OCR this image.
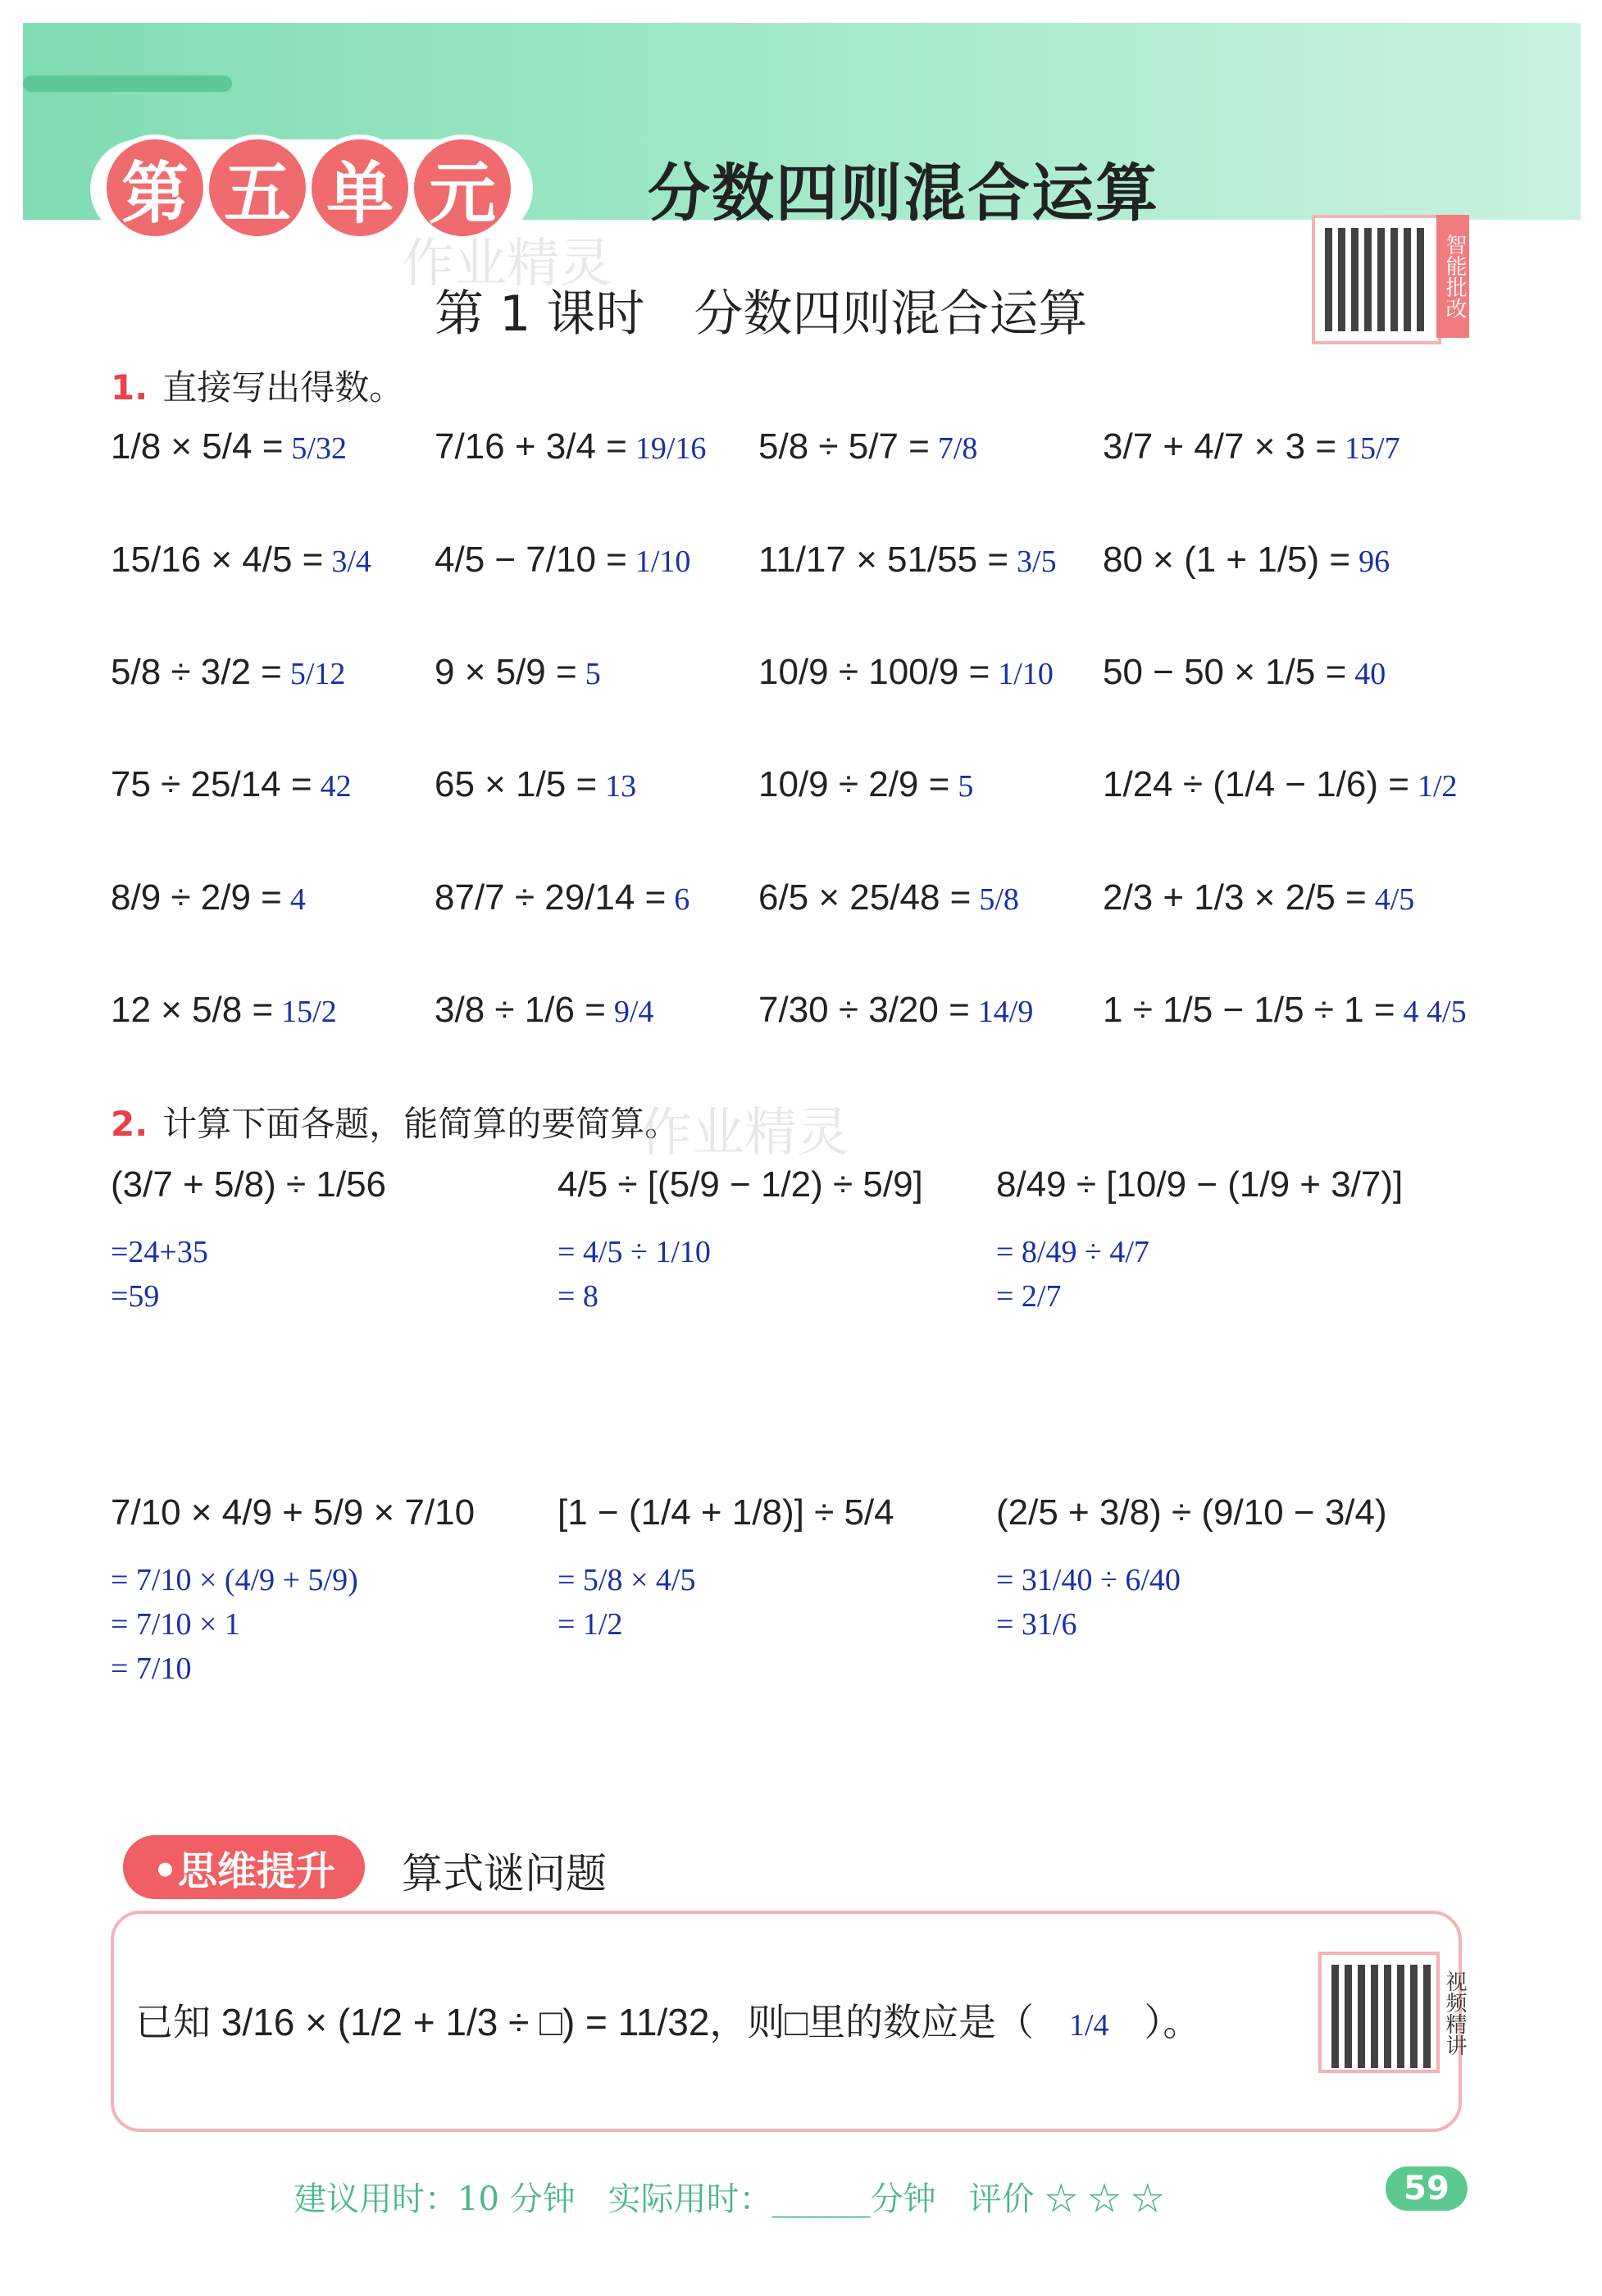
第 五 单 元 分数四则混合运算
作业精灵
第 1 课时　分数四则混合运算	智能批改
1. 直接写出得数。
1/8 × 5/4 = 5/32 7/16 + 3/4 = 19/16 5/8 ÷ 5/7 = 7/8	3/7 + 4/7 × 3 = 15/7
15/16 × 4/5 = 3/4 4/5 − 7/10 = 1/10 11/17 × 51/55 = 3/5 80 × (1 + 1/5) = 96
5/8 ÷ 3/2 = 5/12 9 × 5/9 = 5	10/9 ÷ 100/9 = 1/10 50 − 50 × 1/5 = 40
75 ÷ 25/14 = 42 65 × 1/5 = 13	10/9 ÷ 2/9 = 5	1/24 ÷ (1/4 − 1/6) = 1/2
8/9 ÷ 2/9 = 4	87/7 ÷ 29/14 = 6 6/5 × 25/48 = 5/8 2/3 + 1/3 × 2/5 = 4/5
12 × 5/8 = 15/2	3/8 ÷ 1/6 = 9/4	7/30 ÷ 3/20 = 14/9 1 ÷ 1/5 − 1/5 ÷ 1 = 4 4/5
2. 计算下面各题，能简算的要简算。
作业精灵
(3/7 + 5/8) ÷ 1/56
=24+35
=59
4/5 ÷ [(5/9 − 1/2) ÷ 5/9]
= 4/5 ÷ 1/10
= 8
8/49 ÷ [10/9 − (1/9 + 3/7)]
= 8/49 ÷ 4/7
= 2/7
7/10 × 4/9 + 5/9 × 7/10
= 7/10 × (4/9 + 5/9)
= 7/10 × 1
= 7/10
[1 − (1/4 + 1/8)] ÷ 5/4
= 5/8 × 4/5
= 1/2
(2/5 + 3/8) ÷ (9/10 − 3/4)
= 31/40 ÷ 6/40
= 31/6
•思维提升	算式谜问题
已知 3/16 × (1/2 + 1/3 ÷ □) = 11/32，则□里的数应是（ 1/4 ）。	视频精讲
建议用时：10 分钟　实际用时：______分钟　评价 ☆ ☆ ☆	59
